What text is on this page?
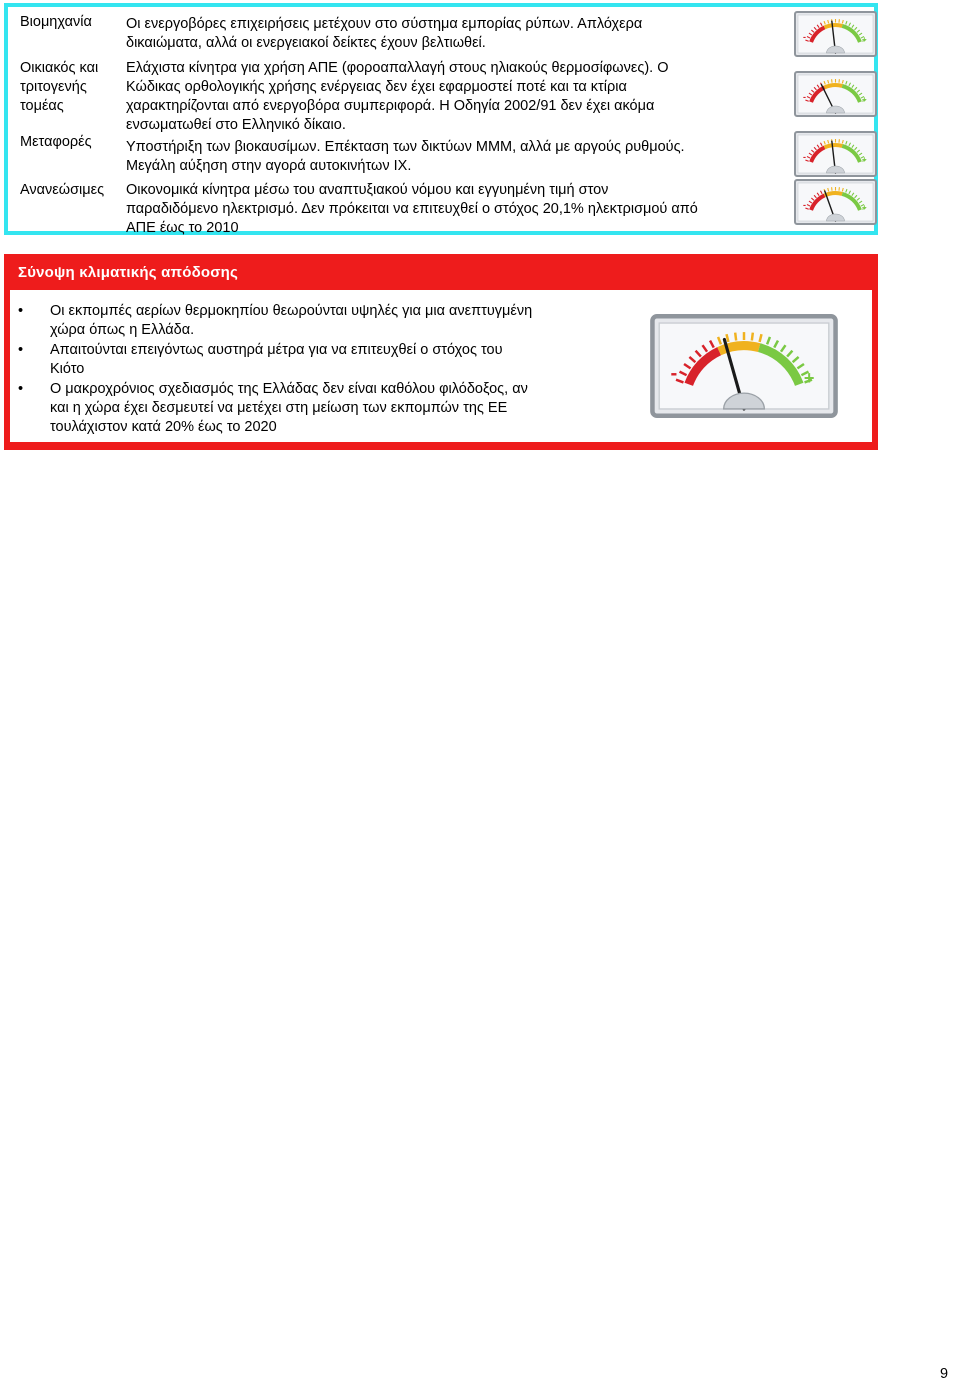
Βιομηχανία Οι ενεργοβόρες επιχειρήσεις μετέχουν στο σύστημα εμπορίας ρύπων. Απλόχερα
δικαιώματα, αλλά οι ενεργειακοί δείκτες έχουν βελτιωθεί.	-	+
Οικιακός και
τριτογενής
τομέας
Ελάχιστα κίνητρα για χρήση ΑΠΕ (φοροαπαλλαγή στους ηλιακούς θερμοσίφωνες). Ο
Κώδικας ορθολογικής χρήσης ενέργειας δεν έχει εφαρμοστεί ποτέ και τα κτίρια
χαρακτηρίζονται από ενεργοβόρα συμπεριφορά. Η Οδηγία 2002/91 δεν έχει ακόμα
ενσωματωθεί στο Ελληνικό δίκαιο.
-	+
Μεταφορές Υποστήριξη των βιοκαυσίμων. Επέκταση των δικτύων ΜΜΜ, αλλά με αργούς ρυθμούς.
Μεγάλη αύξηση στην αγορά αυτοκινήτων ΙΧ.
-	+
Ανανεώσιμες Οικονομικά κίνητρα μέσω του αναπτυξιακού νόμου και εγγυημένη τιμή στον
παραδιδόμενο ηλεκτρισμό. Δεν πρόκειται να επιτευχθεί ο στόχος 20,1% ηλεκτρισμού από
ΑΠΕ έως το 2010
-	+
Σύνοψη κλιματικής απόδοσης
•	Οι εκπομπές αερίων θερμοκηπίου θεωρούνται υψηλές για μια ανεπτυγμένη
χώρα όπως η Ελλάδα.
•	Απαιτούνται επειγόντως αυστηρά μέτρα για να επιτευχθεί ο στόχος του
Κιότο
•	Ο μακροχρόνιος σχεδιασμός της Ελλάδας δεν είναι καθόλου φιλόδοξος, αν
και η χώρα έχει δεσμευτεί να μετέχει στη μείωση των εκπομπών της ΕΕ
τουλάχιστον κατά 20% έως το 2020
-	+
9
